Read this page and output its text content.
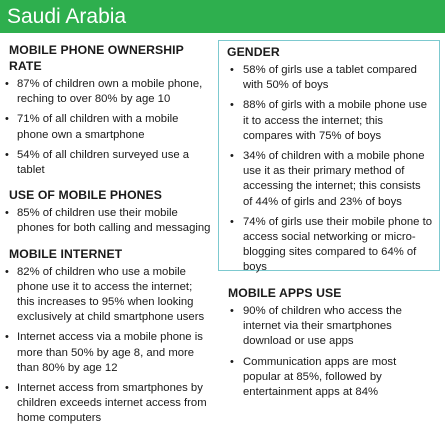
Saudi Arabia
MOBILE PHONE OWNERSHIP RATE
• 87% of children own a mobile phone, reching to over 80% by age 10
• 71% of all children with a mobile phone own a smartphone
• 54% of all children surveyed use a tablet
USE OF MOBILE PHONES
• 85% of children use their mobile phones for both calling and messaging
MOBILE INTERNET
• 82% of children who use a mobile phone use it to access the internet; this increases to 95% when looking exclusively at child smartphone users
• Internet access via a mobile phone is more than 50% by age 8, and more than 80% by age 12
• Internet access from smartphones by children exceeds internet access from home computers
GENDER
• 58% of girls use a tablet compared with 50% of boys
• 88% of girls with a mobile phone use it to access the internet; this compares with 75% of boys
• 34% of children with a mobile phone use it as their primary method of accessing the internet; this consists of 44% of girls and 23% of boys
• 74% of girls use their mobile phone to access social networking or micro-blogging sites compared to 64% of boys
MOBILE APPS USE
• 90% of children who access the internet via their smartphones download or use apps
• Communication apps are most popular at 85%, followed by entertainment apps at 84%
